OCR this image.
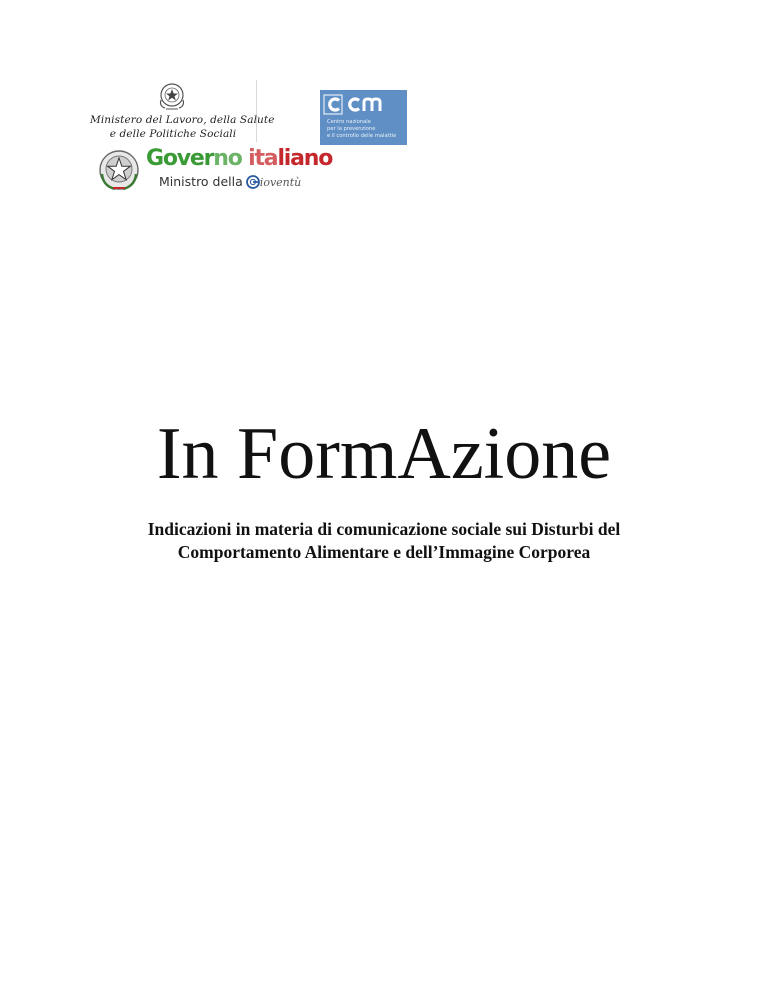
Ministero del Lavoro, della Salute
e delle Politiche Sociali
Centro nazionale
per la prevenzione
e il controllo delle malattie
Governo italiano
Ministro della ioventù
In FormAzione
Indicazioni in materia di comunicazione sociale sui Disturbi del
Comportamento Alimentare e dell’Immagine Corporea
